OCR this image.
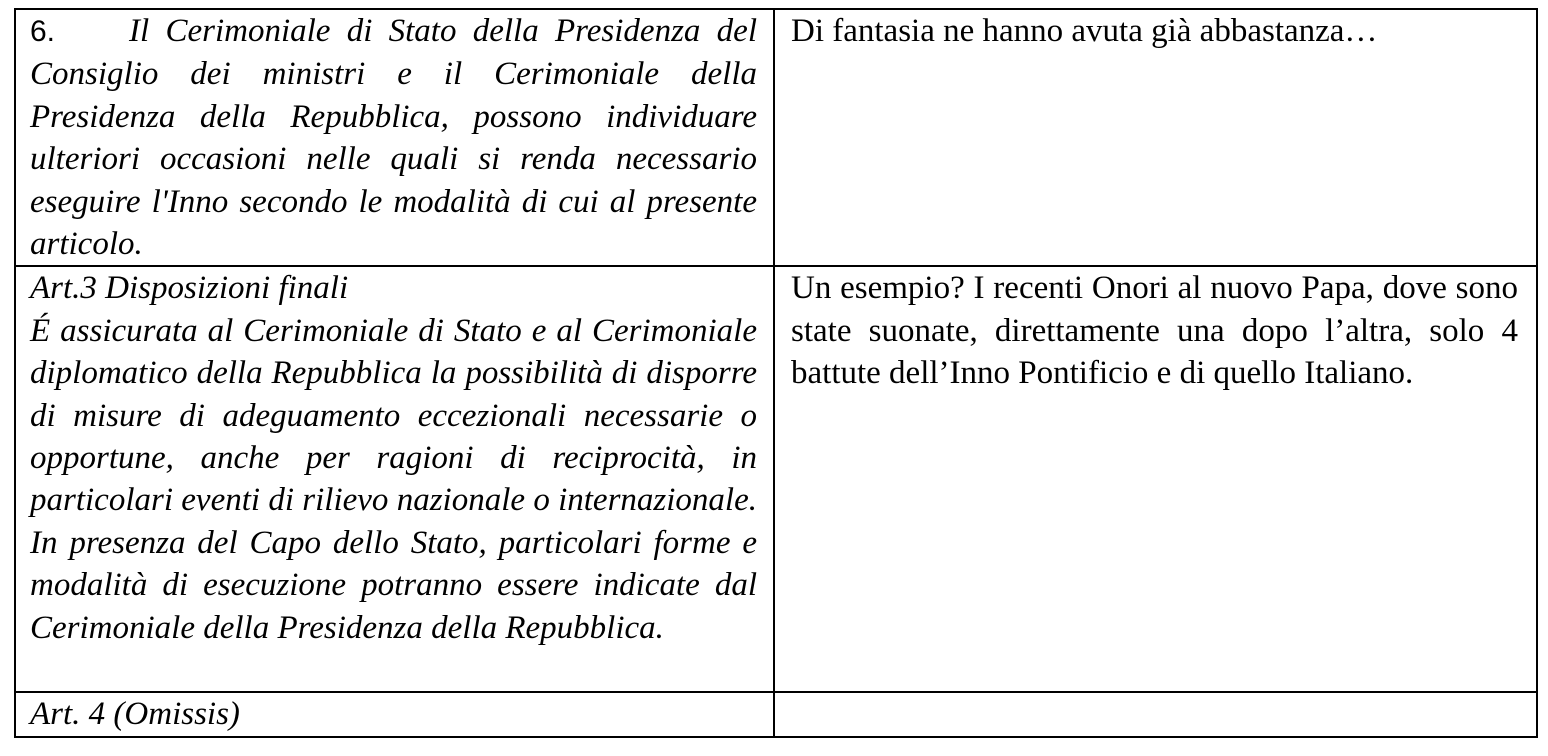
6. Il Cerimoniale di Stato della Presidenza del Consiglio dei ministri e il Cerimoniale della Presidenza della Repubblica, possono individuare ulteriori occasioni nelle quali si renda necessario eseguire l'Inno secondo le modalità di cui al presente articolo.	Di fantasia ne hanno avuta già abbastanza…

Art.3 Disposizioni finali
É assicurata al Cerimoniale di Stato e al Cerimoniale diplomatico della Repubblica la possibilità di disporre di misure di adeguamento eccezionali necessarie o opportune, anche per ragioni di reciprocità, in particolari eventi di rilievo nazionale o internazionale. In presenza del Capo dello Stato, particolari forme e modalità di esecuzione potranno essere indicate dal Cerimoniale della Presidenza della Repubblica.	Un esempio? I recenti Onori al nuovo Papa, dove sono state suonate, direttamente una dopo l’altra, solo 4 battute dell’Inno Pontificio e di quello Italiano.
Art. 4 (Omissis)	
